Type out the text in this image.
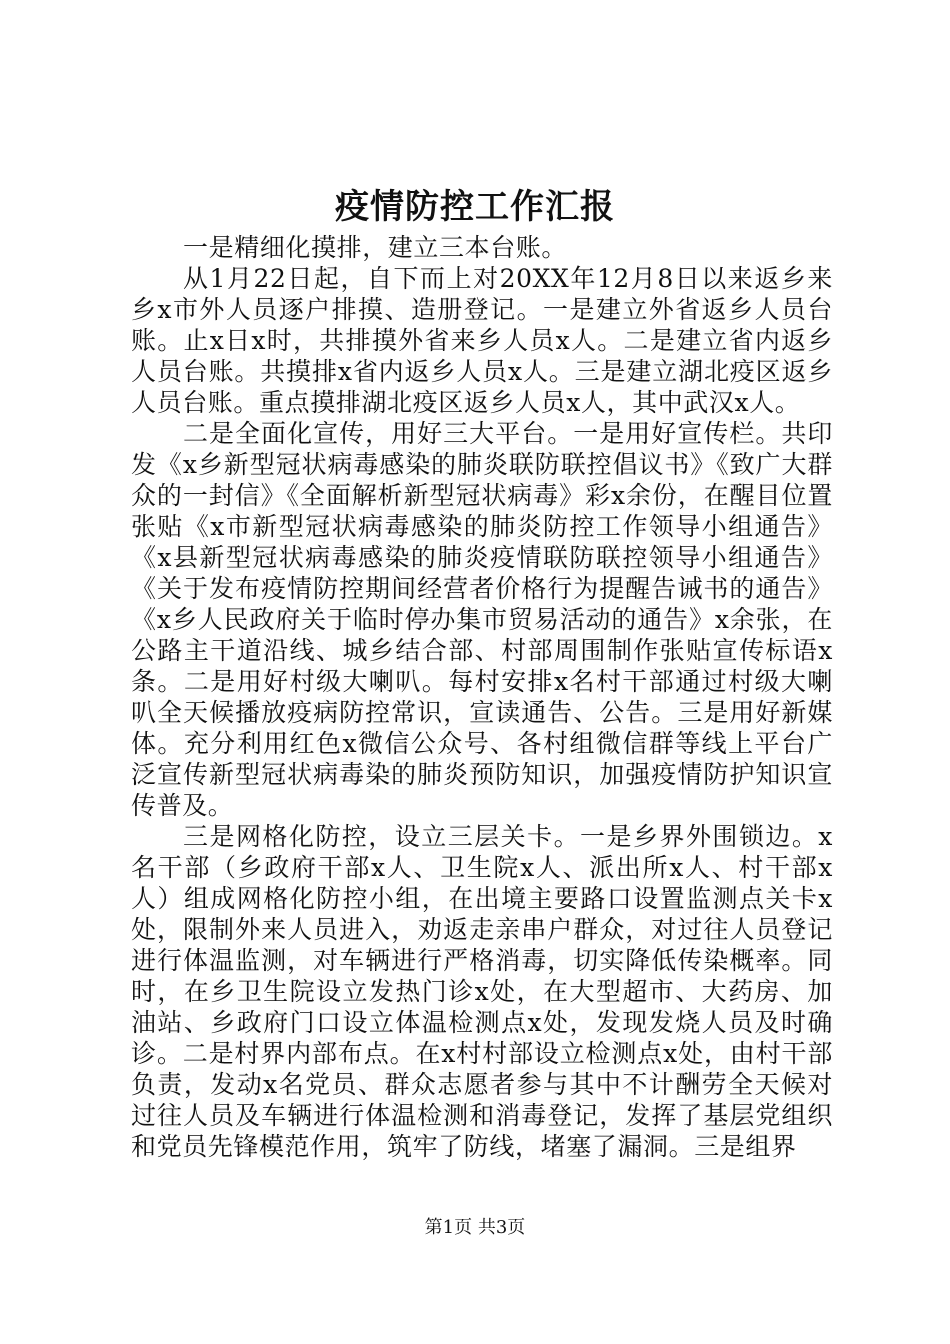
疫情防控工作汇报

一是精细化摸排，建立三本台账。

从1月22日起，自下而上对20XX年12月8日以来返乡来乡x市外人员逐户排摸、造册登记。一是建立外省返乡人员台账。止x日x时，共排摸外省来乡人员x人。二是建立省内返乡人员台账。共摸排x省内返乡人员x人。三是建立湖北疫区返乡人员台账。重点摸排湖北疫区返乡人员x人，其中武汉x人。

二是全面化宣传，用好三大平台。一是用好宣传栏。共印发《x乡新型冠状病毒感染的肺炎联防联控倡议书》《致广大群众的一封信》《全面解析新型冠状病毒》彩x余份，在醒目位置张贴《x市新型冠状病毒感染的肺炎防控工作领导小组通告》《x县新型冠状病毒感染的肺炎疫情联防联控领导小组通告》《关于发布疫情防控期间经营者价格行为提醒告诫书的通告》《x乡人民政府关于临时停办集市贸易活动的通告》x余张，在公路主干道沿线、城乡结合部、村部周围制作张贴宣传标语x条。二是用好村级大喇叭。每村安排x名村干部通过村级大喇叭全天候播放疫病防控常识，宣读通告、公告。三是用好新媒体。充分利用红色x微信公众号、各村组微信群等线上平台广泛宣传新型冠状病毒染的肺炎预防知识，加强疫情防护知识宣传普及。

三是网格化防控，设立三层关卡。一是乡界外围锁边。x名干部（乡政府干部x人、卫生院x人、派出所x人、村干部x人）组成网格化防控小组，在出境主要路口设置监测点关卡x处，限制外来人员进入，劝返走亲串户群众，对过往人员登记进行体温监测，对车辆进行严格消毒，切实降低传染概率。同时，在乡卫生院设立发热门诊x处，在大型超市、大药房、加油站、乡政府门口设立体温检测点x处，发现发烧人员及时确诊。二是村界内部布点。在x村村部设立检测点x处，由村干部负责，发动x名党员、群众志愿者参与其中不计酬劳全天候对过往人员及车辆进行体温检测和消毒登记，发挥了基层党组织和党员先锋模范作用，筑牢了防线，堵塞了漏洞。三是组界

第1页 共3页
